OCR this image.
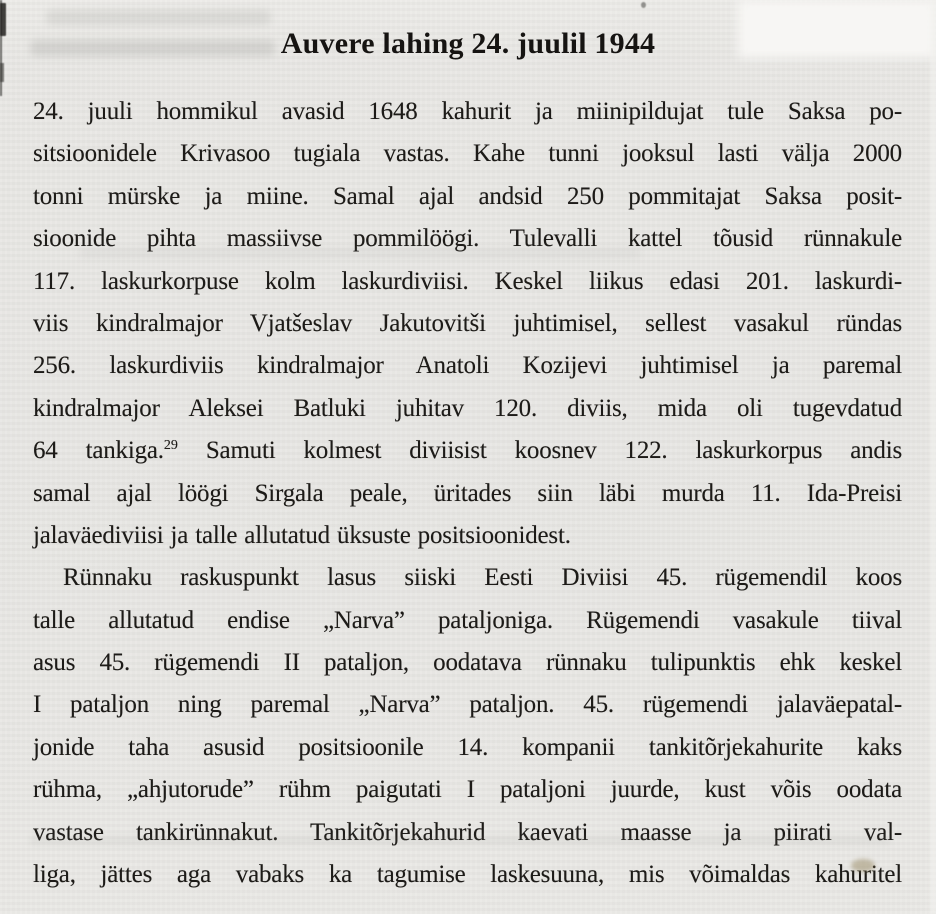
Auvere lahing 24. juulil 1944
24. juuli hommikul avasid 1648 kahurit ja miinipildujat tule Saksa po-
sitsioonidele Krivasoo tugiala vastas. Kahe tunni jooksul lasti välja 2000
tonni mürske ja miine. Samal ajal andsid 250 pommitajat Saksa posit-
sioonide pihta massiivse pommilöögi. Tulevalli kattel tõusid rünnakule
117. laskurkorpuse kolm laskurdiviisi. Keskel liikus edasi 201. laskurdi-
viis kindralmajor Vjatšeslav Jakutovitši juhtimisel, sellest vasakul ründas
256. laskurdiviis kindralmajor Anatoli Kozijevi juhtimisel ja paremal
kindralmajor Aleksei Batluki juhitav 120. diviis, mida oli tugevdatud
64 tankiga.$^{29}$ Samuti kolmest diviisist koosnev 122. laskurkorpus andis
samal ajal löögi Sirgala peale, üritades siin läbi murda 11. Ida-Preisi
jalaväediviisi ja talle allutatud üksuste positsioonidest.
Rünnaku raskuspunkt lasus siiski Eesti Diviisi 45. rügemendil koos
talle allutatud endise „Narva” pataljoniga. Rügemendi vasakule tiival
asus 45. rügemendi II pataljon, oodatava rünnaku tulipunktis ehk keskel
I pataljon ning paremal „Narva” pataljon. 45. rügemendi jalaväepatal-
jonide taha asusid positsioonile 14. kompanii tankitõrjekahurite kaks
rühma, „ahjutorude” rühm paigutati I pataljoni juurde, kust võis oodata
vastase tankirünnakut. Tankitõrjekahurid kaevati maasse ja piirati val-
liga, jättes aga vabaks ka tagumise laskesuuna, mis võimaldas kahuritel
